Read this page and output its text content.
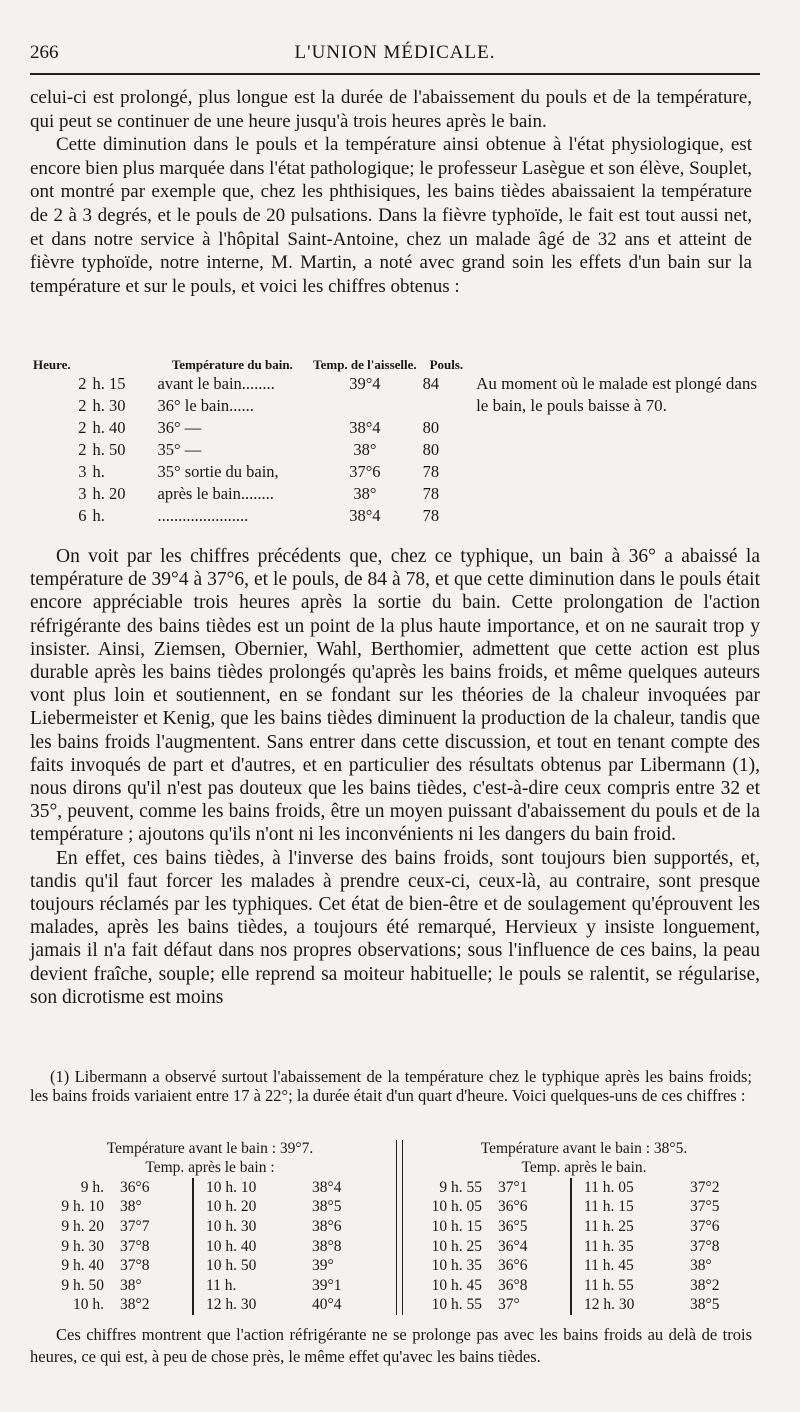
266	L'UNION MÉDICALE.

celui-ci est prolongé, plus longue est la durée de l'abaissement du pouls et de la température, qui peut se continuer de une heure jusqu'à trois heures après le bain.

Cette diminution dans le pouls et la température ainsi obtenue à l'état physiologique, est encore bien plus marquée dans l'état pathologique; le professeur Lasègue et son élève, Souplet, ont montré par exemple que, chez les phthisiques, les bains tièdes abaissaient la température de 2 à 3 degrés, et le pouls de 20 pulsations. Dans la fièvre typhoïde, le fait est tout aussi net, et dans notre service à l'hôpital Saint-Antoine, chez un malade âgé de 32 ans et atteint de fièvre typhoïde, notre interne, M. Martin, a noté avec grand soin les effets d'un bain sur la température et sur le pouls, et voici les chiffres obtenus :

Heure.		Température du bain.	Temp. de l'aisselle.	Pouls.	
2	h. 15	avant le bain........	39°4	84	Au moment où le malade est plongé dans
2	h. 30	36° le bain......			le bain, le pouls baisse à 70.
2	h. 40	36° —	38°4	80	
2	h. 50	35° —	38°	80	
3	h.	35° sortie du bain,	37°6	78	
3	h. 20	après le bain........	38°	78	
6	h.	......................	38°4	78	

On voit par les chiffres précédents que, chez ce typhique, un bain à 36° a abaissé la température de 39°4 à 37°6, et le pouls, de 84 à 78, et que cette diminution dans le pouls était encore appréciable trois heures après la sortie du bain. Cette prolongation de l'action réfrigérante des bains tièdes est un point de la plus haute importance, et on ne saurait trop y insister. Ainsi, Ziemsen, Obernier, Wahl, Berthomier, admettent que cette action est plus durable après les bains tièdes prolongés qu'après les bains froids, et même quelques auteurs vont plus loin et soutiennent, en se fondant sur les théories de la chaleur invoquées par Liebermeister et Kenig, que les bains tièdes diminuent la production de la chaleur, tandis que les bains froids l'augmentent. Sans entrer dans cette discussion, et tout en tenant compte des faits invoqués de part et d'autres, et en particulier des résultats obtenus par Libermann (1), nous dirons qu'il n'est pas douteux que les bains tièdes, c'est-à-dire ceux compris entre 32 et 35°, peuvent, comme les bains froids, être un moyen puissant d'abaissement du pouls et de la température ; ajoutons qu'ils n'ont ni les inconvénients ni les dangers du bain froid.

En effet, ces bains tièdes, à l'inverse des bains froids, sont toujours bien supportés, et, tandis qu'il faut forcer les malades à prendre ceux-ci, ceux-là, au contraire, sont presque toujours réclamés par les typhiques. Cet état de bien-être et de soulagement qu'éprouvent les malades, après les bains tièdes, a toujours été remarqué, Hervieux y insiste longuement, jamais il n'a fait défaut dans nos propres observations; sous l'influence de ces bains, la peau devient fraîche, souple; elle reprend sa moiteur habituelle; le pouls se ralentit, se régularise, son dicrotisme est moins

(1) Libermann a observé surtout l'abaissement de la température chez le typhique après les bains froids; les bains froids variaient entre 17 à 22°; la durée était d'un quart d'heure. Voici quelques-uns de ces chiffres :

Température avant le bain : 39°7.
Temp. après le bain :
9 h.	36°6	10 h. 10	38°4
9 h. 10	38°	10 h. 20	38°5
9 h. 20	37°7	10 h. 30	38°6
9 h. 30	37°8	10 h. 40	38°8
9 h. 40	37°8	10 h. 50	39°
9 h. 50	38°	11 h.	39°1
10 h.	38°2	12 h. 30	40°4
Température avant le bain : 38°5.
Temp. après le bain.
9 h. 55	37°1	11 h. 05	37°2
10 h. 05	36°6	11 h. 15	37°5
10 h. 15	36°5	11 h. 25	37°6
10 h. 25	36°4	11 h. 35	37°8
10 h. 35	36°6	11 h. 45	38°
10 h. 45	36°8	11 h. 55	38°2
10 h. 55	37°	12 h. 30	38°5

Ces chiffres montrent que l'action réfrigérante ne se prolonge pas avec les bains froids au delà de trois heures, ce qui est, à peu de chose près, le même effet qu'avec les bains tièdes.
